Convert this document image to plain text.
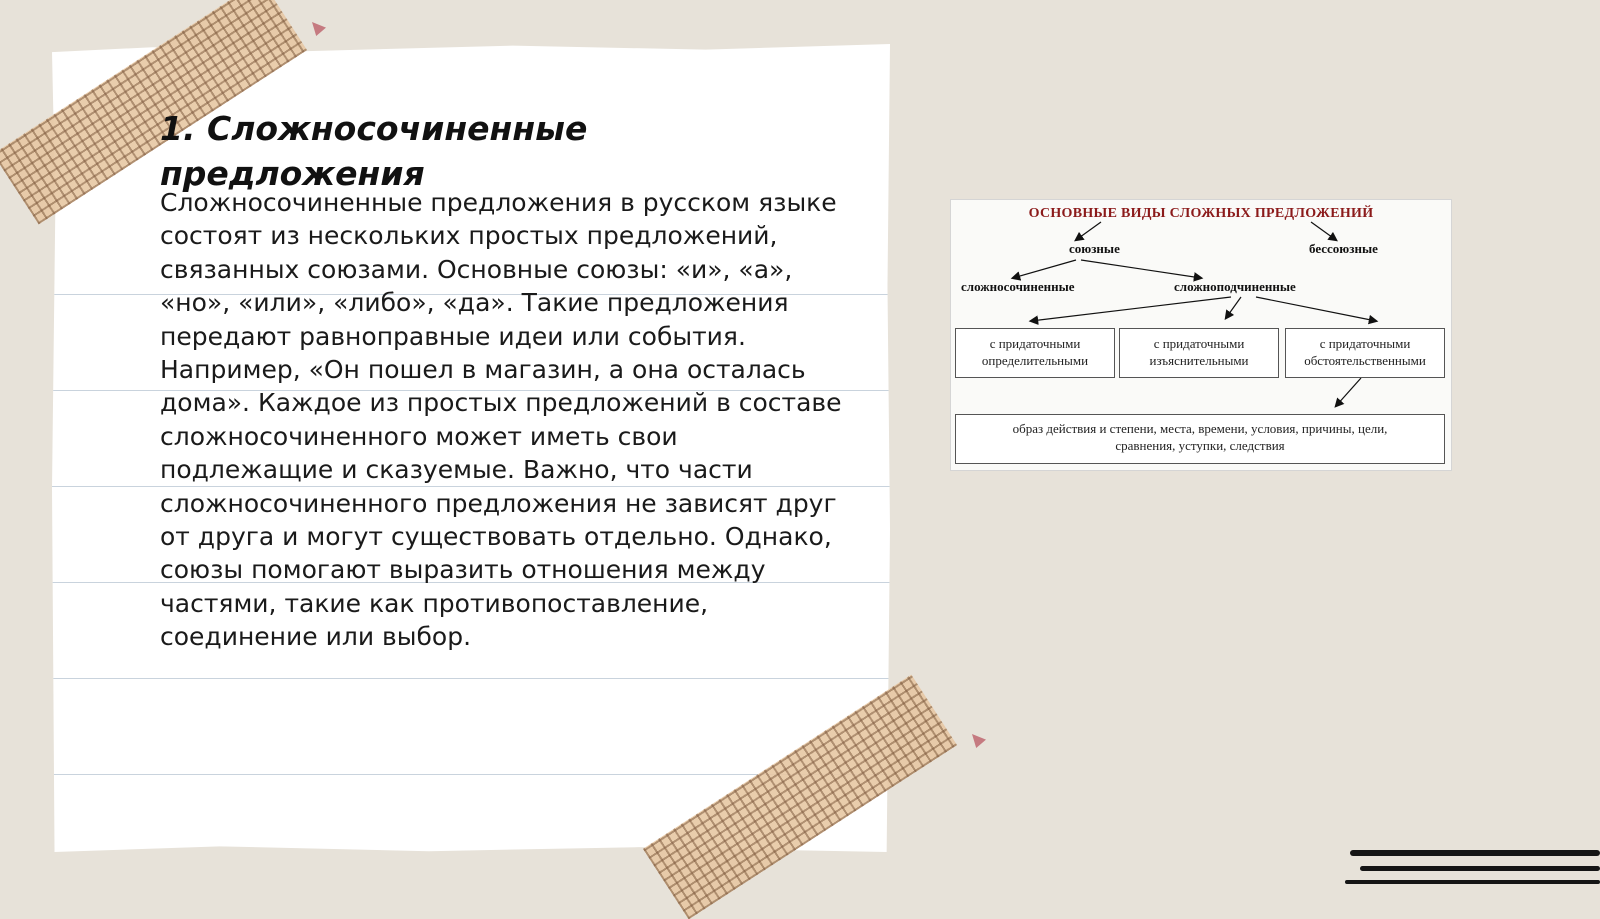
1. Сложносочиненные предложения

Сложносочиненные предложения в русском языке состоят из нескольких простых предложений, связанных союзами. Основные союзы: «и», «а», «но», «или», «либо», «да». Такие предложения передают равноправные идеи или события. Например, «Он пошел в магазин, а она осталась дома». Каждое из простых предложений в составе сложносочиненного может иметь свои подлежащие и сказуемые. Важно, что части сложносочиненного предложения не зависят друг от друга и могут существовать отдельно. Однако, союзы помогают выразить отношения между частями, такие как противопоставление, соединение или выбор.

ОСНОВНЫЕ ВИДЫ СЛОЖНЫХ ПРЕДЛОЖЕНИЙ
союзные	бессоюзные
сложносочиненные	сложноподчиненные
с придаточными
определительными
с придаточными
изъяснительными
с придаточными
обстоятельственными
образ действия и степени, места, времени, условия, причины, цели,
сравнения, уступки, следствия
